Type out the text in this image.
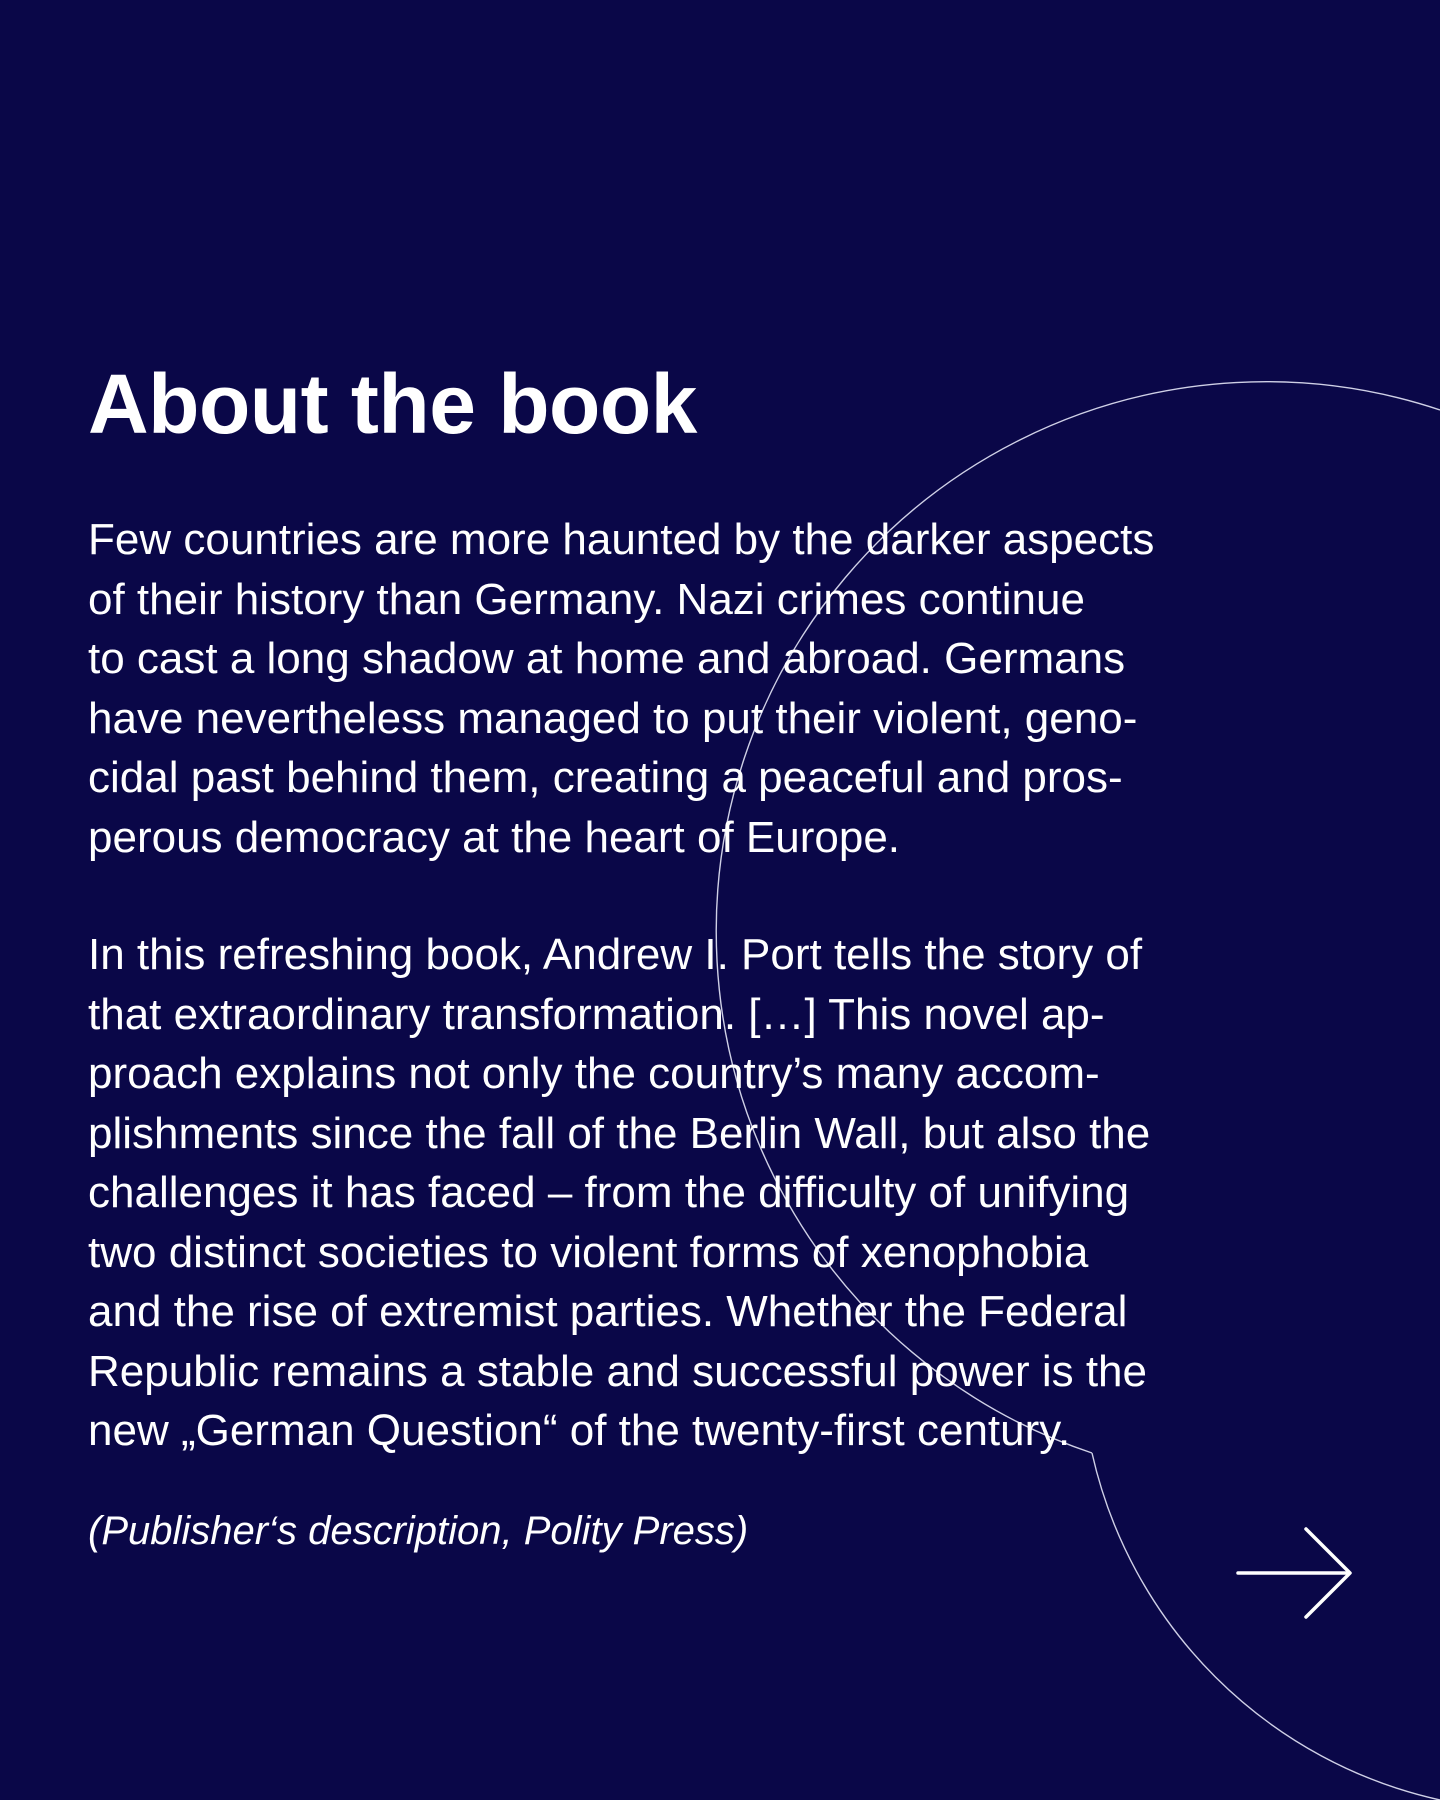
About the book

Few countries are more haunted by the darker aspects
of their history than Germany. Nazi crimes continue
to cast a long shadow at home and abroad. Germans
have nevertheless managed to put their violent, geno-
cidal past behind them, creating a peaceful and pros-
perous democracy at the heart of Europe.

In this refreshing book, Andrew I. Port tells the story of
that extraordinary transformation. […] This novel ap-
proach explains not only the country’s many accom-
plishments since the fall of the Berlin Wall, but also the
challenges it has faced – from the difficulty of unifying
two distinct societies to violent forms of xenophobia
and the rise of extremist parties. Whether the Federal
Republic remains a stable and successful power is the
new „German Question“ of the twenty-first century.

(Publisher‘s description, Polity Press)
